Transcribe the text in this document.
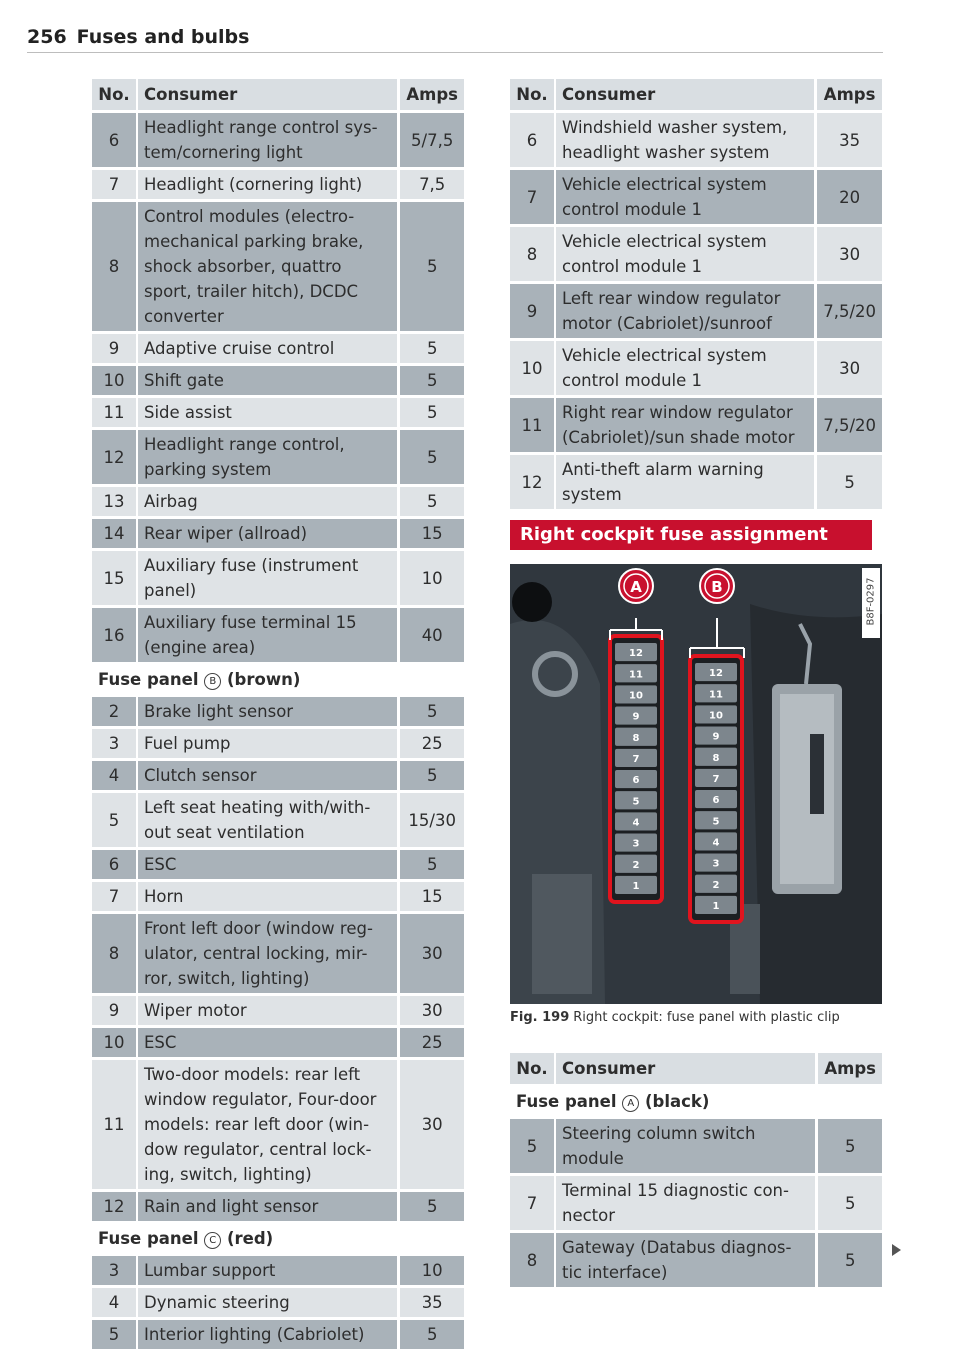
256 Fuses and bulbs
No.	Consumer	Amps
6	Headlight range control sys-tem/cornering light	5/7,5
7	Headlight (cornering light)	7,5
8	Control modules (electro-mechanical parking brake, shock absorber, quattro sport, trailer hitch), DCDC converter	5
9	Adaptive cruise control	5
10	Shift gate	5
11	Side assist	5
12	Headlight range control, parking system	5
13	Airbag	5
14	Rear wiper (allroad)	15
15	Auxiliary fuse (instrument panel)	10
16	Auxiliary fuse terminal 15 (engine area)	40
Fuse panel B (brown)		
2	Brake light sensor	5
3	Fuel pump	25
4	Clutch sensor	5
5	Left seat heating with/with-out seat ventilation	15/30
6	ESC	5
7	Horn	15
8	Front left door (window reg-ulator, central locking, mir-ror, switch, lighting)	30
9	Wiper motor	30
10	ESC	25
11	Two-door models: rear left window regulator, Four-door models: rear left door (win-dow regulator, central lock-ing, switch, lighting)	30
12	Rain and light sensor	5
Fuse panel C (red)		
3	Lumbar support	10
4	Dynamic steering	35
5	Interior lighting (Cabriolet)	5
No.	Consumer	Amps
6	Windshield washer system, headlight washer system	35
7	Vehicle electrical system control module 1	20
8	Vehicle electrical system control module 1	30
9	Left rear window regulator motor (Cabriolet)/sunroof	7,5/20
10	Vehicle electrical system control module 1	30
11	Right rear window regulator (Cabriolet)/sun shade motor	7,5/20
12	Anti-theft alarm warning system	5
Right cockpit fuse assignment
12
11
10
9
8
7
6
5
4
3
2
1
12
11
10
9
8
7
6
5
4
3
2
1
A	B	B8F-0297
Fig. 199 Right cockpit: fuse panel with plastic clip
No.	Consumer	Amps
Fuse panel A (black)		
5	Steering column switch module	5
7	Terminal 15 diagnostic con-nector	5
8	Gateway (Databus diagnos-tic interface)	5
